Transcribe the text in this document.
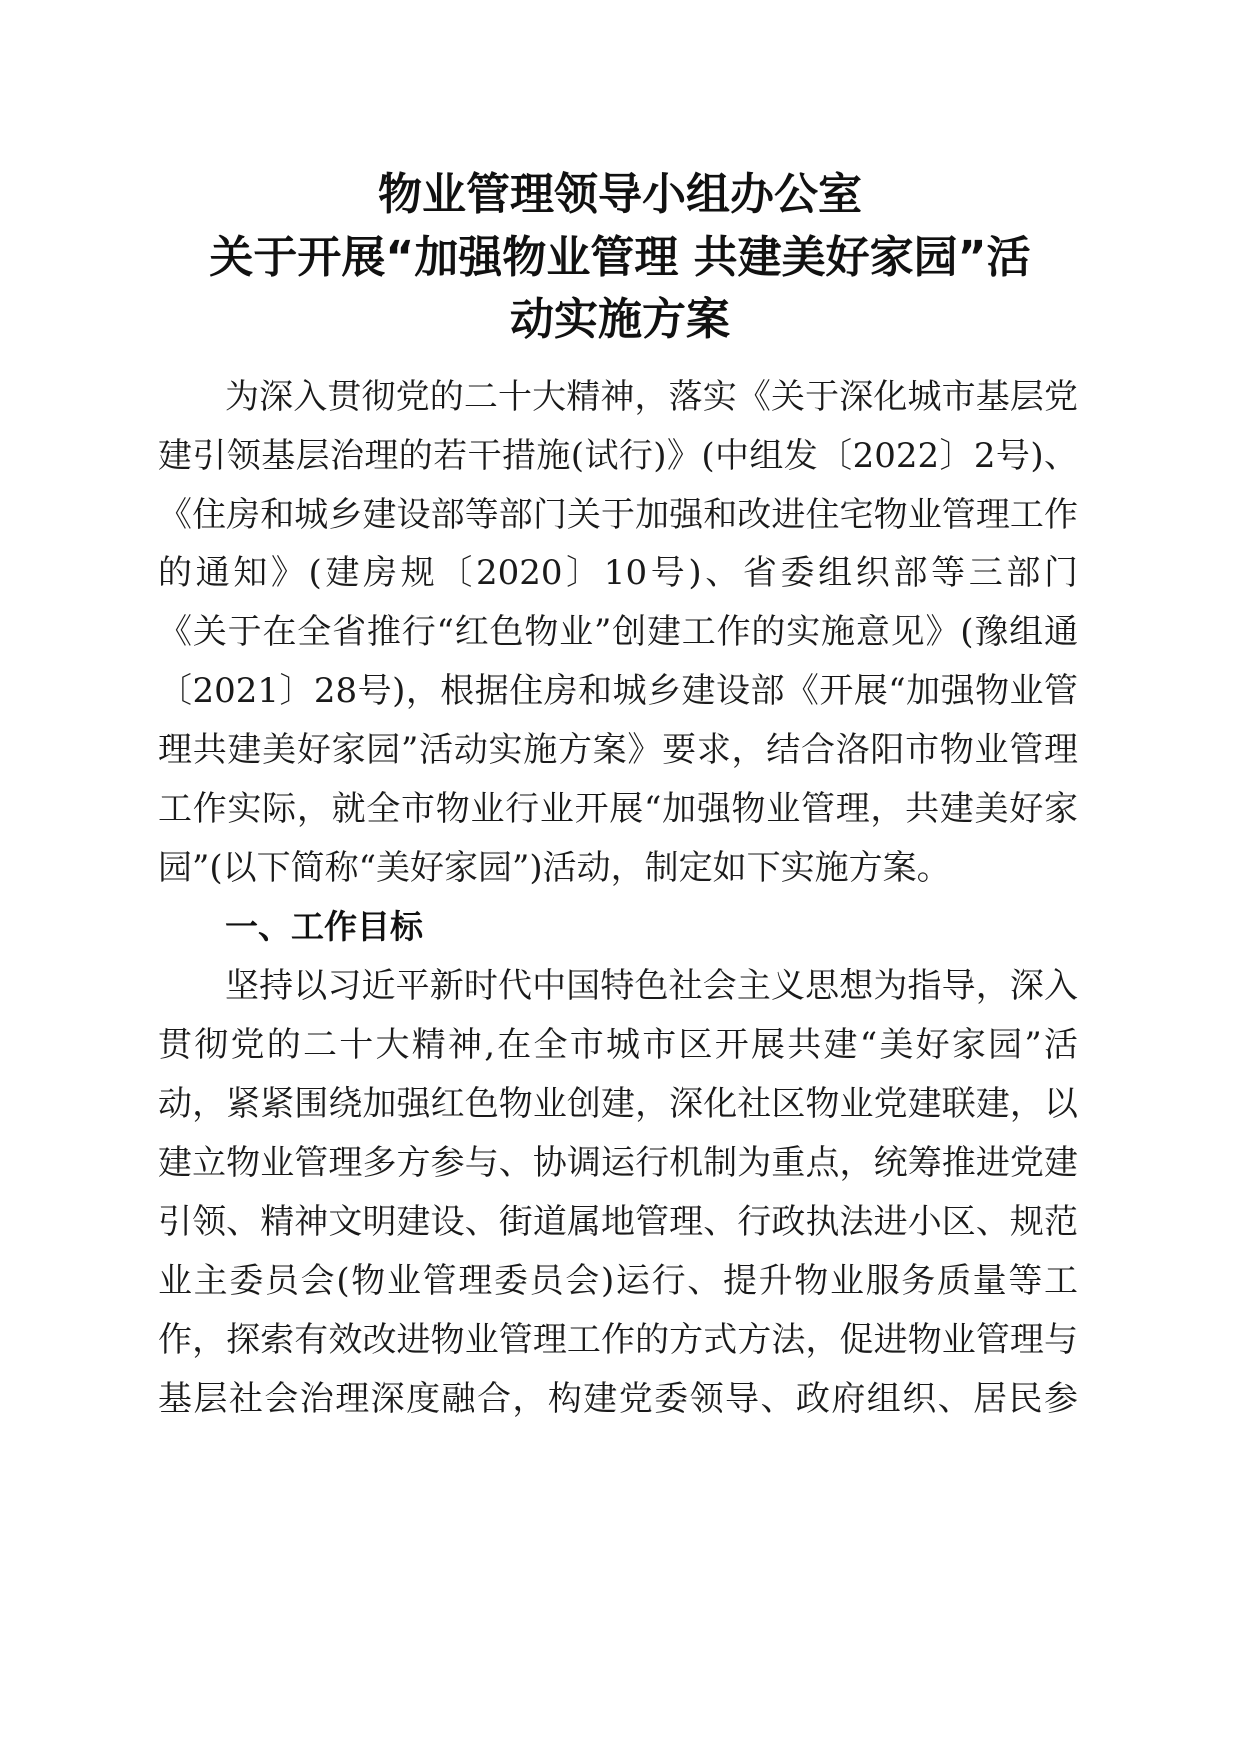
物业管理领导小组办公室
关于开展“加强物业管理 共建美好家园”活
动实施方案
为深入贯彻党的二十大精神，落实《关于深化城市基层党
建引领基层治理的若干措施(试行)》(中组发〔2022〕2号)、
《住房和城乡建设部等部门关于加强和改进住宅物业管理工作
的通知》(建房规〔2020〕10号)、省委组织部等三部门
《关于在全省推行“红色物业”创建工作的实施意见》(豫组通
〔2021〕28号)，根据住房和城乡建设部《开展“加强物业管
理共建美好家园”活动实施方案》要求，结合洛阳市物业管理
工作实际，就全市物业行业开展“加强物业管理，共建美好家
园”(以下简称“美好家园”)活动，制定如下实施方案。
一、工作目标
坚持以习近平新时代中国特色社会主义思想为指导，深入
贯彻党的二十大精神,在全市城市区开展共建“美好家园”活
动，紧紧围绕加强红色物业创建，深化社区物业党建联建，以
建立物业管理多方参与、协调运行机制为重点，统筹推进党建
引领、精神文明建设、街道属地管理、行政执法进小区、规范
业主委员会(物业管理委员会)运行、提升物业服务质量等工
作，探索有效改进物业管理工作的方式方法，促进物业管理与
基层社会治理深度融合，构建党委领导、政府组织、居民参
